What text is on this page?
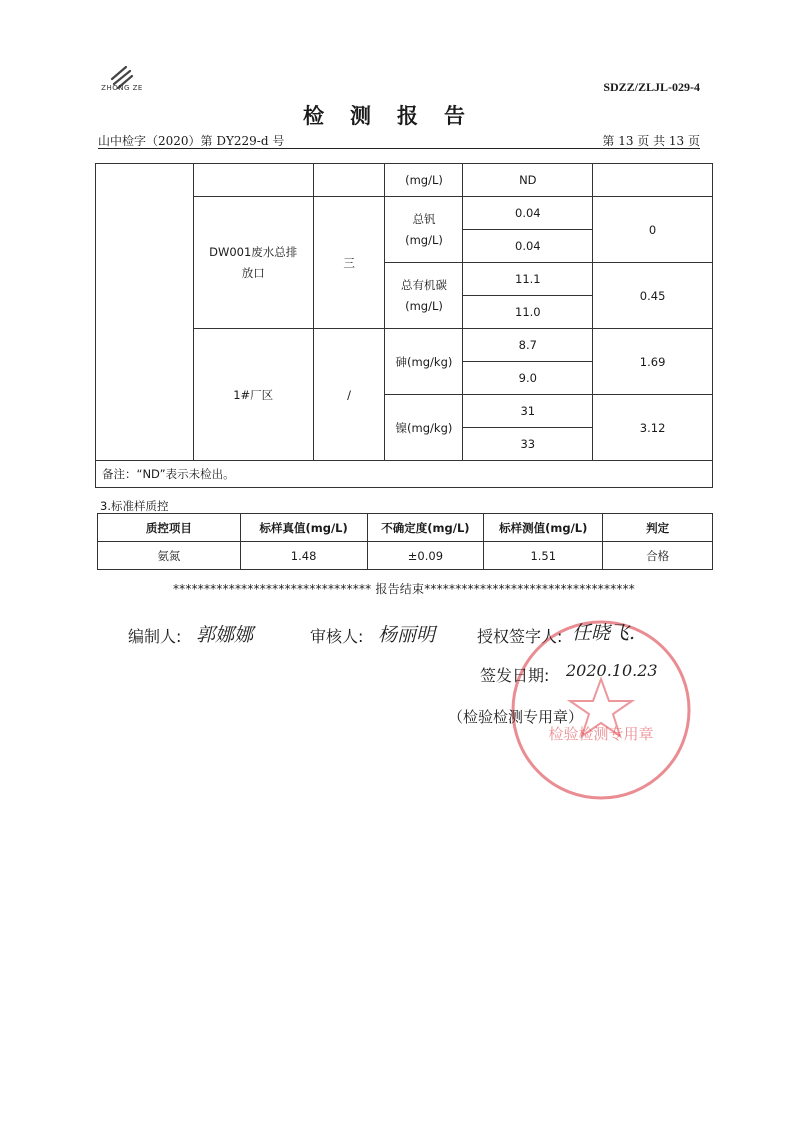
ZHONG ZE	SDZZ/ZLJL-029-4
检测报告
山中检字（2020）第 DY229-d 号	第 13 页 共 13 页
			(mg/L)	ND	
	DW001废水总排放口	三	总钒(mg/L)	0.04	0
				0.04	
			总有机碳(mg/L)	11.1	0.45
				11.0	
	1#厂区	/	砷(mg/kg)	8.7	1.69
				9.0	
			镍(mg/kg)	31	3.12
				33	
备注：“ND”表示未检出。					
3.标准样质控
质控项目	标样真值(mg/L)	不确定度(mg/L)	标样测值(mg/L)	判定
氨氮	1.48	±0.09	1.51	合格
******************************** 报告结束**********************************
检验检测专用章
编制人: 郭娜娜	审核人: 杨丽明	授权签字人: 任晓飞.
签发日期: 2020.10.23
（检验检测专用章）
